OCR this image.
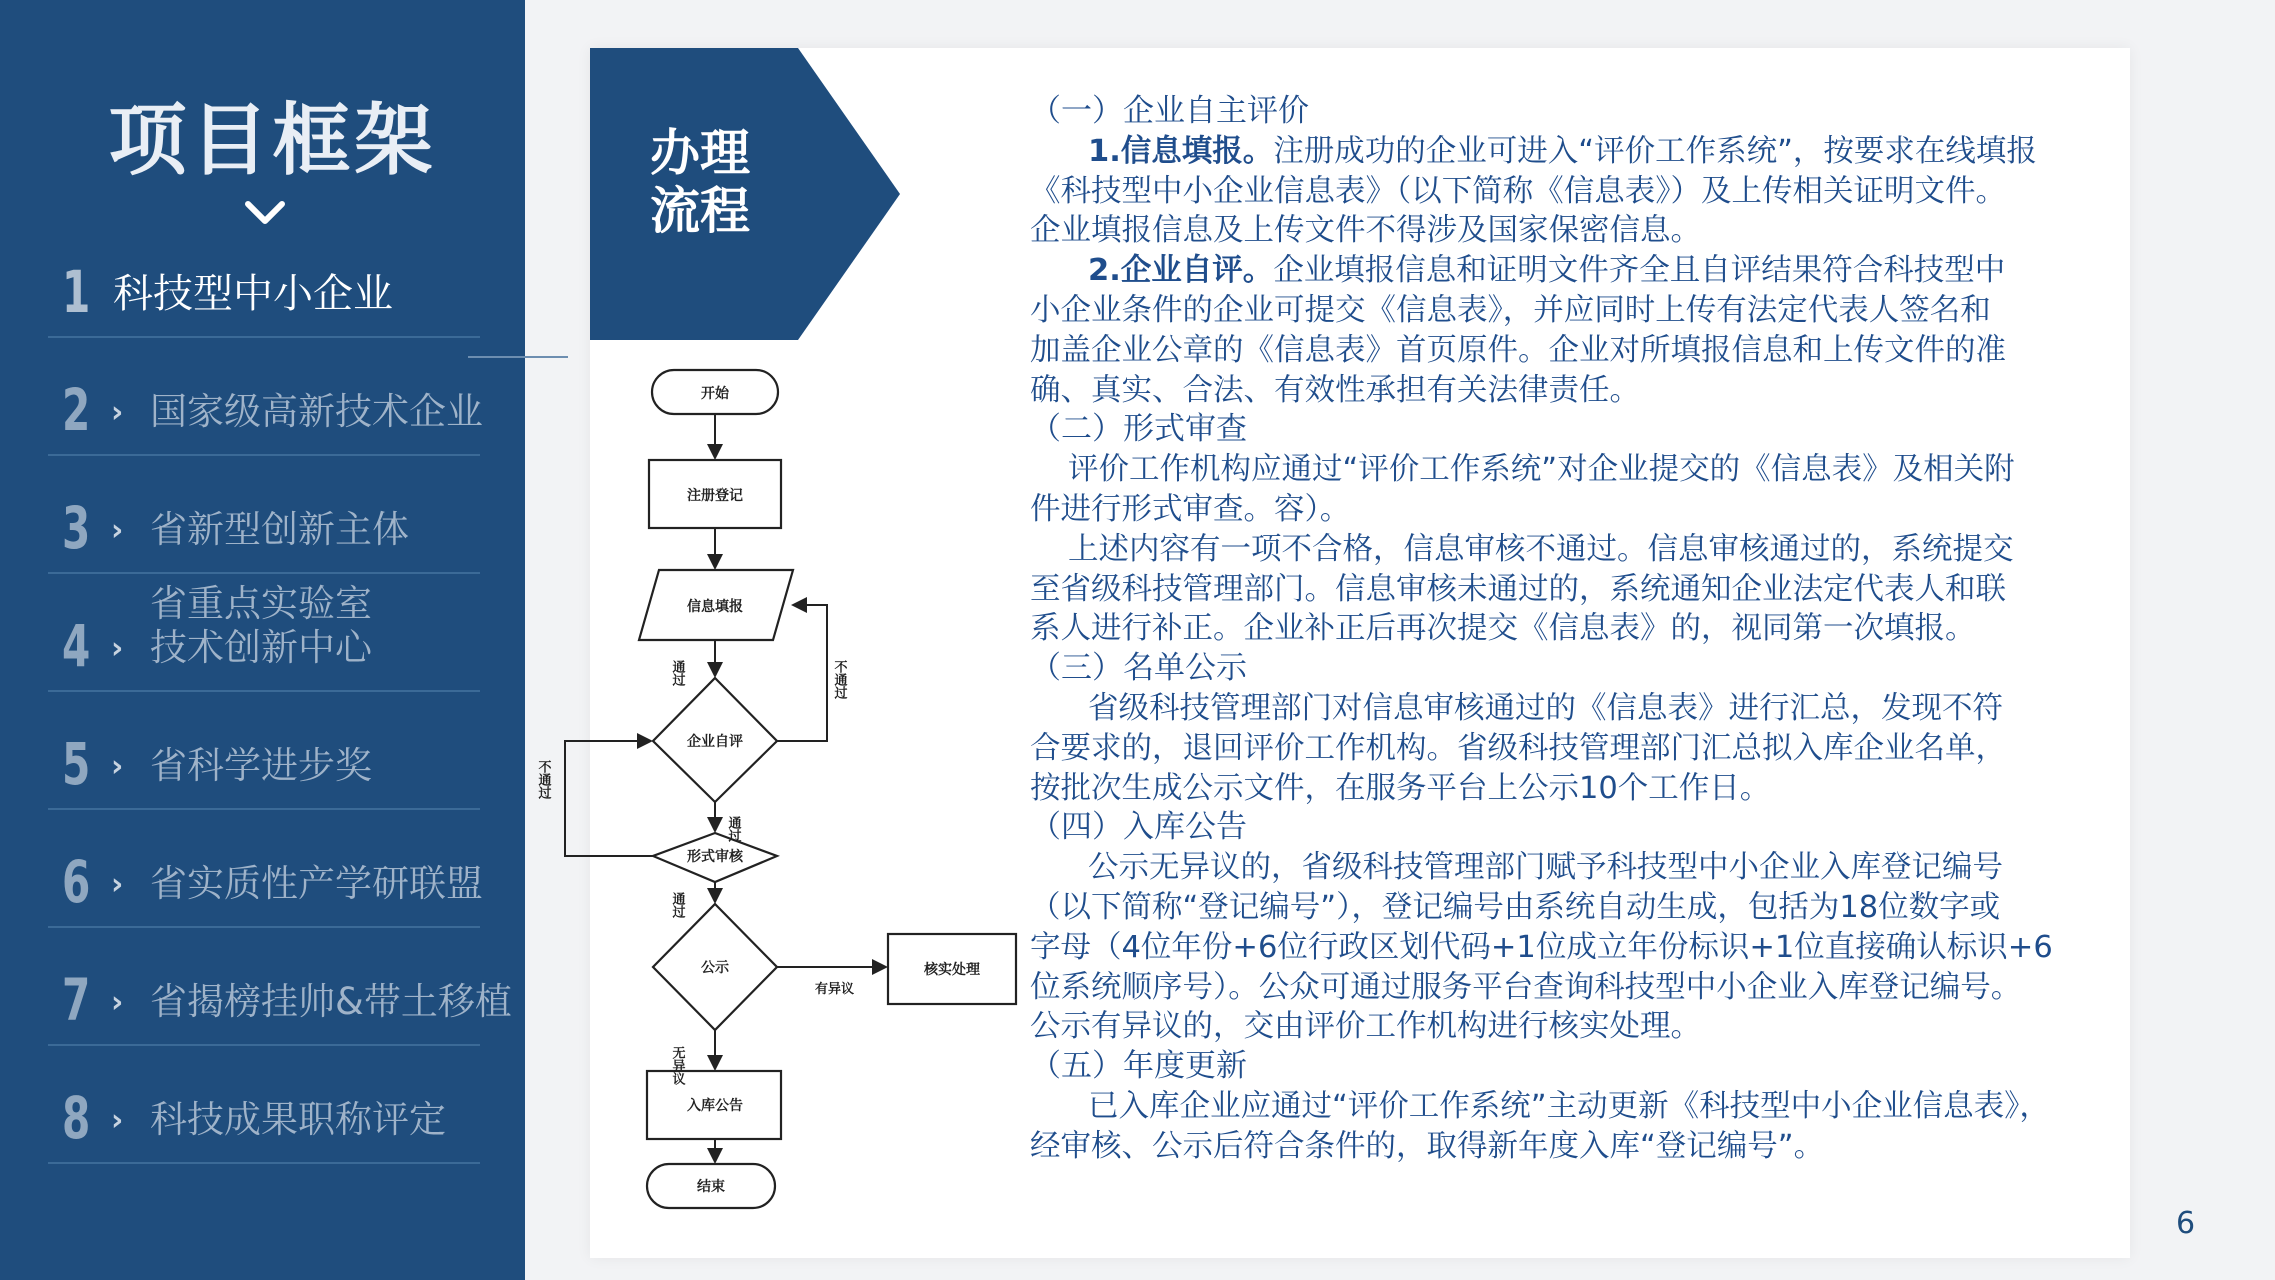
项目框架
1 科技型中小企业
2 › 国家级高新技术企业
3 › 省新型创新主体
4 ›
省重点实验室
技术创新中心
5 › 省科学进步奖
6 › 省实质性产学研联盟
7 › 省揭榜挂帅&带土移植
8 › 科技成果职称评定
办理
流程
开始
注册登记
信息填报
企业自评
形式审核
公示	核实处理
入库公告
结束
有异议
通过
通过
通过
不通过
不通过
无异议

（一）企业自主评价

1.信息填报。注册成功的企业可进入“评价工作系统”，按要求在线填报

《科技型中小企业信息表》（以下简称《信息表》）及上传相关证明文件。

企业填报信息及上传文件不得涉及国家保密信息。

2.企业自评。企业填报信息和证明文件齐全且自评结果符合科技型中

小企业条件的企业可提交《信息表》，并应同时上传有法定代表人签名和

加盖企业公章的《信息表》首页原件。企业对所填报信息和上传文件的准

确、真实、合法、有效性承担有关法律责任。

（二）形式审查

评价工作机构应通过“评价工作系统”对企业提交的《信息表》及相关附

件进行形式审查。容）。

上述内容有一项不合格，信息审核不通过。信息审核通过的，系统提交

至省级科技管理部门。信息审核未通过的，系统通知企业法定代表人和联

系人进行补正。企业补正后再次提交《信息表》的，视同第一次填报。

（三）名单公示

省级科技管理部门对信息审核通过的《信息表》进行汇总，发现不符

合要求的，退回评价工作机构。省级科技管理部门汇总拟入库企业名单，

按批次生成公示文件，在服务平台上公示10个工作日。

（四）入库公告

公示无异议的，省级科技管理部门赋予科技型中小企业入库登记编号

（以下简称“登记编号”），登记编号由系统自动生成，包括为18位数字或

字母（4位年份+6位行政区划代码+1位成立年份标识+1位直接确认标识+6

位系统顺序号）。公众可通过服务平台查询科技型中小企业入库登记编号。

公示有异议的，交由评价工作机构进行核实处理。

（五）年度更新

已入库企业应通过“评价工作系统”主动更新《科技型中小企业信息表》，

经审核、公示后符合条件的，取得新年度入库“登记编号”。

6
